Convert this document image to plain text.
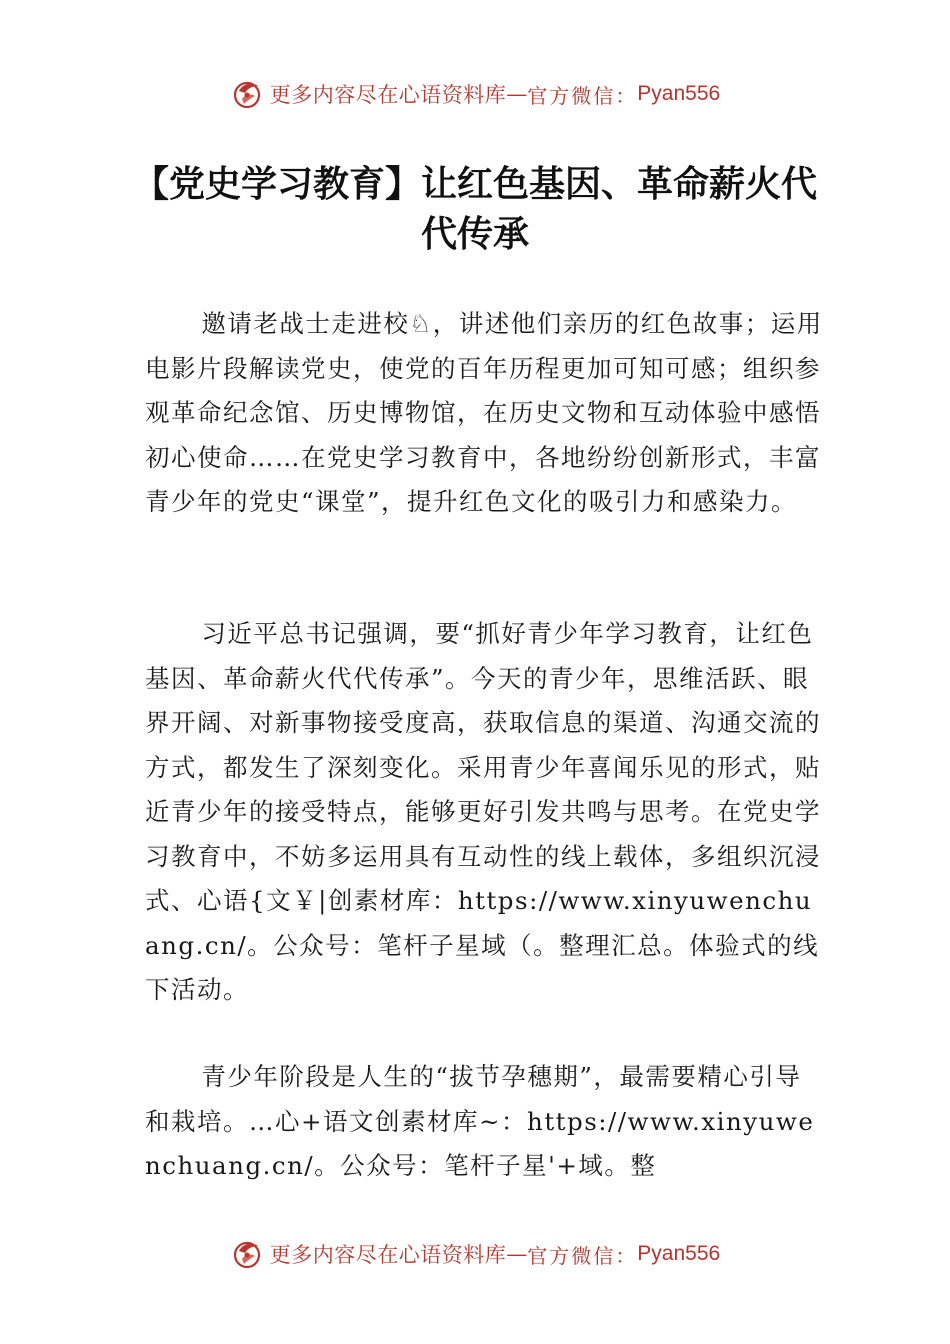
更多内容尽在心语资料库 — 官方微信： Pyan556
【党史学习教育】让红色基因、革命薪火代代传承

邀请老战士走进校♘，讲述他们亲历的红色故事；运用电影片段解读党史，使党的百年历程更加可知可感；组织参观革命纪念馆、历史博物馆，在历史文物和互动体验中感悟初心使命……在党史学习教育中，各地纷纷创新形式，丰富青少年的党史“课堂”，提升红色文化的吸引力和感染力。

习近平总书记强调，要“抓好青少年学习教育，让红色基因、革命薪火代代传承”。今天的青少年，思维活跃、眼界开阔、对新事物接受度高，获取信息的渠道、沟通交流的方式，都发生了深刻变化。采用青少年喜闻乐见的形式，贴近青少年的接受特点，能够更好引发共鸣与思考。在党史学习教育中，不妨多运用具有互动性的线上载体，多组织沉浸式、心语{文￥|创素材库：https://www.xinyuwenchuang.cn/。公众号：笔杆子星域（。整理汇总。体验式的线下活动。

青少年阶段是人生的“拔节孕穗期”，最需要精心引导和栽培。…心+语文创素材库~：https://www.xinyuwenchuang.cn/。公众号：笔杆子星'+域。整

更多内容尽在心语资料库 — 官方微信： Pyan556
